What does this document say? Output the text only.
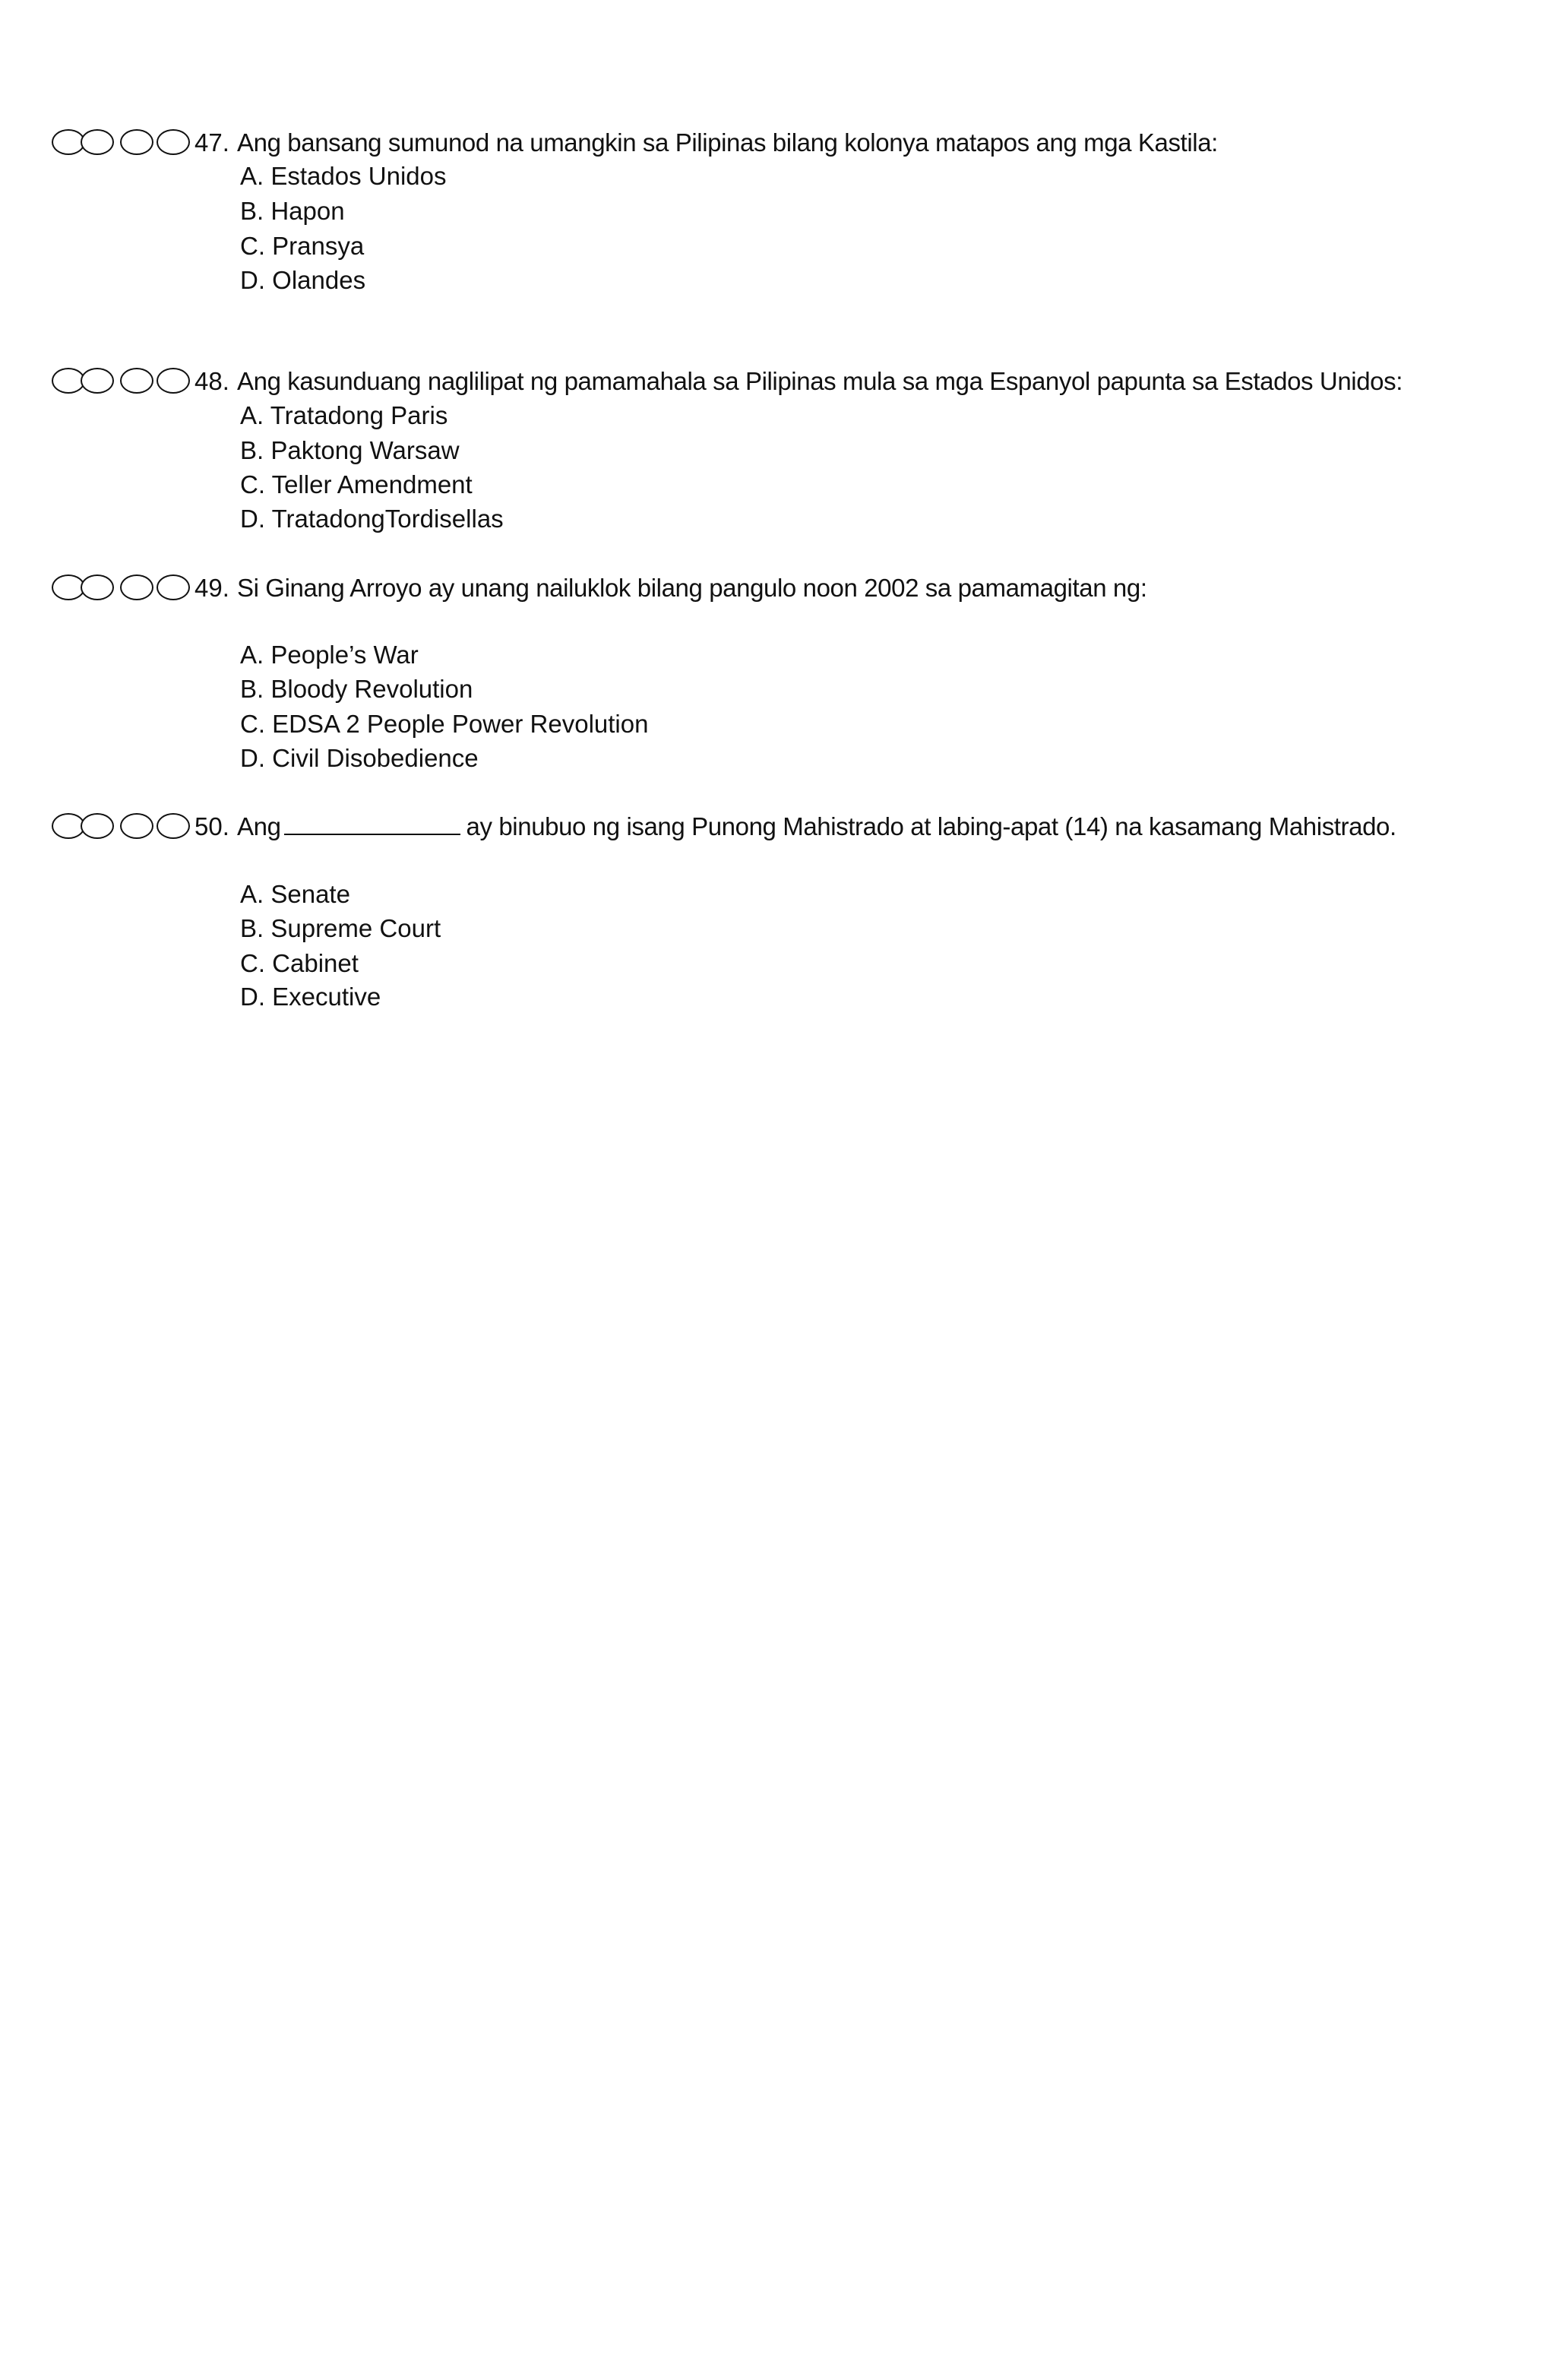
47. Ang bansang sumunod na umangkin sa Pilipinas bilang kolonya matapos ang mga Kastila:
A. Estados Unidos
B. Hapon
C. Pransya
D. Olandes
48. Ang kasunduang naglilipat ng pamamahala sa Pilipinas mula sa mga Espanyol papunta sa Estados Unidos:
A. Tratadong Paris
B. Paktong Warsaw
C. Teller Amendment
D. TratadongTordisellas
49. Si Ginang Arroyo ay unang nailuklok bilang pangulo noon 2002 sa pamamagitan ng:
A. People’s War
B. Bloody Revolution
C. EDSA 2 People Power Revolution
D. Civil Disobedience
50. Ang	ay binubuo ng isang Punong Mahistrado at labing-apat (14) na kasamang Mahistrado.
A. Senate
B. Supreme Court
C. Cabinet
D. Executive
